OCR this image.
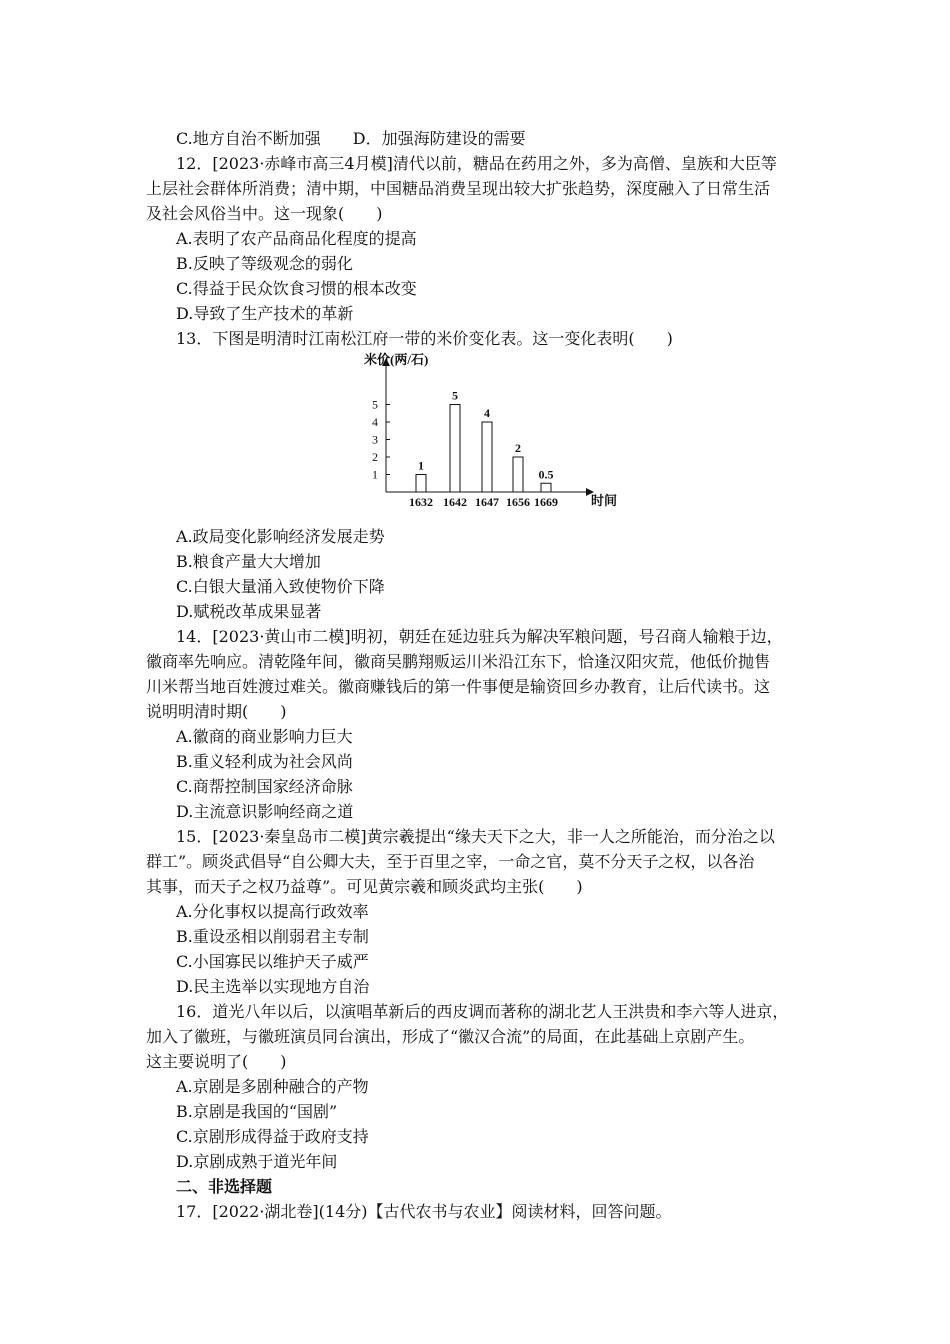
C.地方自治不断加强　　D．加强海防建设的需要
12．[2023·赤峰市高三4月模]清代以前，糖品在药用之外，多为高僧、皇族和大臣等
上层社会群体所消费；清中期，中国糖品消费呈现出较大扩张趋势，深度融入了日常生活
及社会风俗当中。这一现象(　　)
A.表明了农产品商品化程度的提高
B.反映了等级观念的弱化
C.得益于民众饮食习惯的根本改变
D.导致了生产技术的革新
13．下图是明清时江南松江府一带的米价变化表。这一变化表明(　　)
米价(两/石)
时间
1
2
3
4
5
1
1632
5
1642
4
1647
2
1656
0.5
1669
A.政局变化影响经济发展走势
B.粮食产量大大增加
C.白银大量涌入致使物价下降
D.赋税改革成果显著
14．[2023·黄山市二模]明初，朝廷在延边驻兵为解决军粮问题，号召商人输粮于边，
徽商率先响应。清乾隆年间，徽商吴鹏翔贩运川米沿江东下，恰逢汉阳灾荒，他低价抛售
川米帮当地百姓渡过难关。徽商赚钱后的第一件事便是输资回乡办教育，让后代读书。这
说明明清时期(　　)
A.徽商的商业影响力巨大
B.重义轻利成为社会风尚
C.商帮控制国家经济命脉
D.主流意识影响经商之道
15．[2023·秦皇岛市二模]黄宗羲提出“缘夫天下之大，非一人之所能治，而分治之以
群工”。顾炎武倡导“自公卿大夫，至于百里之宰，一命之官，莫不分天子之权，以各治
其事，而天子之权乃益尊”。可见黄宗羲和顾炎武均主张(　　)
A.分化事权以提高行政效率
B.重设丞相以削弱君主专制
C.小国寡民以维护天子威严
D.民主选举以实现地方自治
16．道光八年以后，以演唱革新后的西皮调而著称的湖北艺人王洪贵和李六等人进京，
加入了徽班，与徽班演员同台演出，形成了“徽汉合流”的局面，在此基础上京剧产生。
这主要说明了(　　)
A.京剧是多剧种融合的产物
B.京剧是我国的“国剧”
C.京剧形成得益于政府支持
D.京剧成熟于道光年间
二、非选择题
17．[2022·湖北卷](14分)【古代农书与农业】阅读材料，回答问题。
